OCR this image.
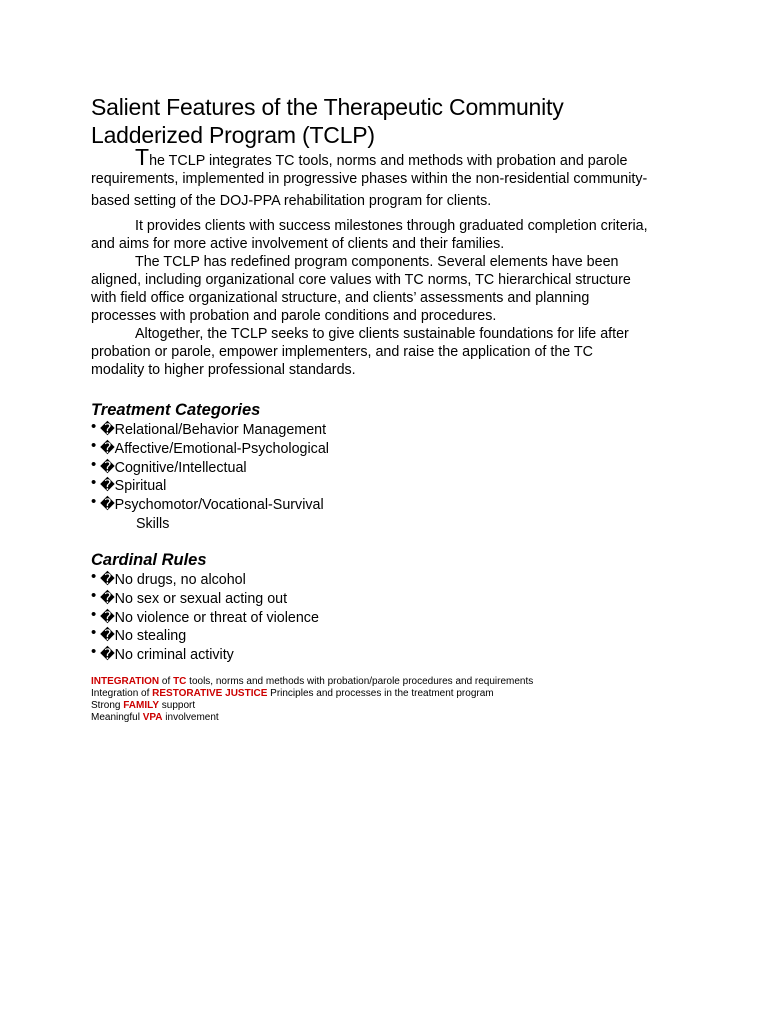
Salient Features of the Therapeutic Community
Ladderized Program (TCLP)

The TCLP integrates TC tools, norms and methods with probation and parole
requirements, implemented in progressive phases within the non-residential community-
based setting of the DOJ-PPA rehabilitation program for clients.

It provides clients with success milestones through graduated completion criteria,
and aims for more active involvement of clients and their families.

The TCLP has redefined program components. Several elements have been
aligned, including organizational core values with TC norms, TC hierarchical structure
with field office organizational structure, and clients’ assessments and planning
processes with probation and parole conditions and procedures.

Altogether, the TCLP seeks to give clients sustainable foundations for life after
probation or parole, empower implementers, and raise the application of the TC
modality to higher professional standards.

Treatment Categories
• �Relational/Behavior Management
• �Affective/Emotional-Psychological
• �Cognitive/Intellectual
• �Spiritual
• �Psychomotor/Vocational-Survival
Skills
Cardinal Rules
• �No drugs, no alcohol
• �No sex or sexual acting out
• �No violence or threat of violence
• �No stealing
• �No criminal activity

INTEGRATION of TC tools, norms and methods with probation/parole procedures and requirements

Integration of RESTORATIVE JUSTICE Principles and processes in the treatment program

Strong FAMILY support

Meaningful VPA involvement
